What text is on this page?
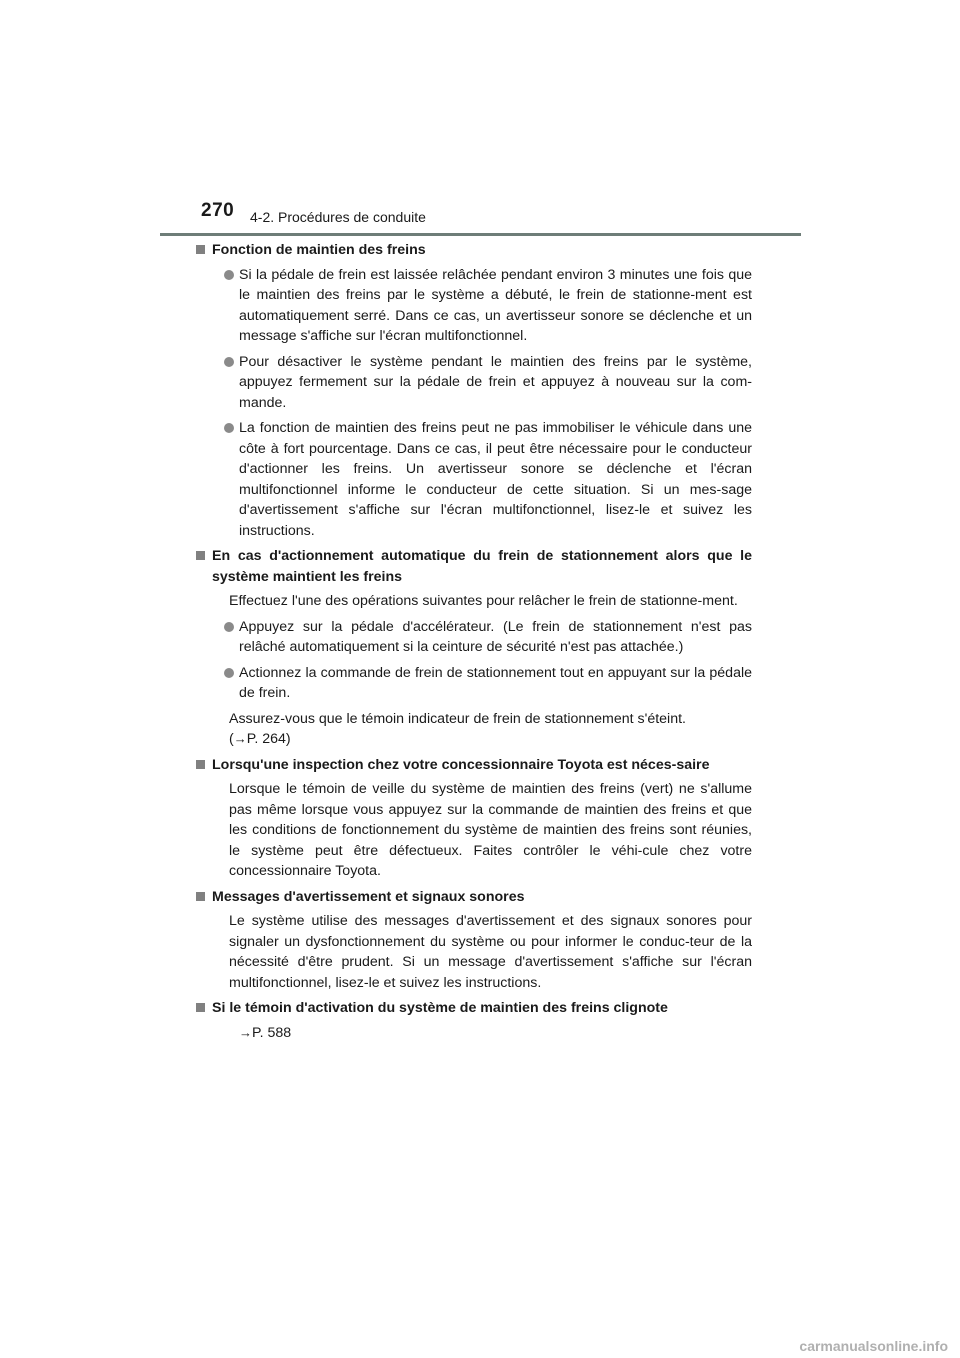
270 4-2. Procédures de conduite

Fonction de maintien des freins

Si la pédale de frein est laissée relâchée pendant environ 3 minutes une fois que le maintien des freins par le système a débuté, le frein de stationne-ment est automatiquement serré. Dans ce cas, un avertisseur sonore se déclenche et un message s'affiche sur l'écran multifonctionnel.

Pour désactiver le système pendant le maintien des freins par le système, appuyez fermement sur la pédale de frein et appuyez à nouveau sur la com-mande.

La fonction de maintien des freins peut ne pas immobiliser le véhicule dans une côte à fort pourcentage. Dans ce cas, il peut être nécessaire pour le conducteur d'actionner les freins. Un avertisseur sonore se déclenche et l'écran multifonctionnel informe le conducteur de cette situation. Si un mes-sage d'avertissement s'affiche sur l'écran multifonctionnel, lisez-le et suivez les instructions.

En cas d'actionnement automatique du frein de stationnement alors que le système maintient les freins

Effectuez l'une des opérations suivantes pour relâcher le frein de stationne-ment.

Appuyez sur la pédale d'accélérateur. (Le frein de stationnement n'est pas relâché automatiquement si la ceinture de sécurité n'est pas attachée.)

Actionnez la commande de frein de stationnement tout en appuyant sur la pédale de frein.

Assurez-vous que le témoin indicateur de frein de stationnement s'éteint.
(→P. 264)

Lorsqu'une inspection chez votre concessionnaire Toyota est néces-saire

Lorsque le témoin de veille du système de maintien des freins (vert) ne s'allume pas même lorsque vous appuyez sur la commande de maintien des freins et que les conditions de fonctionnement du système de maintien des freins sont réunies, le système peut être défectueux. Faites contrôler le véhi-cule chez votre concessionnaire Toyota.

Messages d'avertissement et signaux sonores

Le système utilise des messages d'avertissement et des signaux sonores pour signaler un dysfonctionnement du système ou pour informer le conduc-teur de la nécessité d'être prudent. Si un message d'avertissement s'affiche sur l'écran multifonctionnel, lisez-le et suivez les instructions.

Si le témoin d'activation du système de maintien des freins clignote

→P. 588

carmanualsonline.info
